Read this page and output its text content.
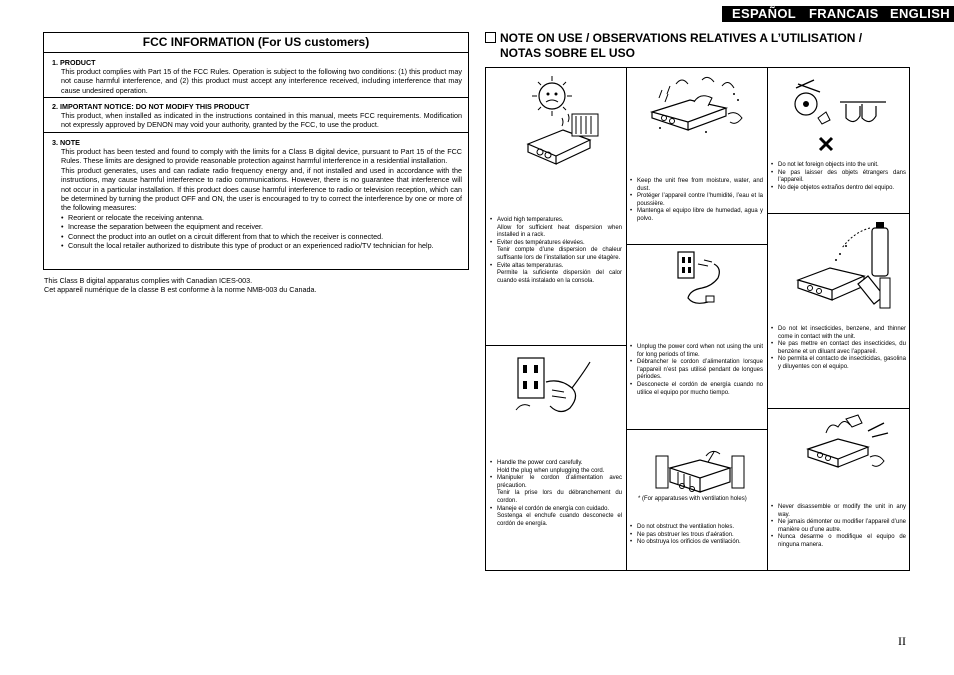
ESPAÑOL FRANCAIS ENGLISH
FCC INFORMATION (For US customers)
1. PRODUCT

This product complies with Part 15 of the FCC Rules. Operation is subject to the following two conditions: (1) this product may not cause harmful interference, and (2) this product must accept any interference received, including interference that may cause undesired operation.

2. IMPORTANT NOTICE: DO NOT MODIFY THIS PRODUCT

This product, when installed as indicated in the instructions contained in this manual, meets FCC requirements. Modification not expressly approved by DENON may void your authority, granted by the FCC, to use the product.

3. NOTE

This product has been tested and found to comply with the limits for a Class B digital device, pursuant to Part 15 of the FCC Rules. These limits are designed to provide reasonable protection against harmful interference in a residential installation.

This product generates, uses and can radiate radio frequency energy and, if not installed and used in accordance with the instructions, may cause harmful interference to radio communications. However, there is no guarantee that interference will not occur in a particular installation. If this product does cause harmful interference to radio or television reception, which can be determined by turning the product OFF and ON, the user is encouraged to try to correct the interference by one or more of the following measures:

• Reorient or relocate the receiving antenna.
• Increase the separation between the equipment and receiver.
• Connect the product into an outlet on a circuit different from that to which the receiver is connected.
• Consult the local retailer authorized to distribute this type of product or an experienced radio/TV technician for help.
This Class B digital apparatus complies with Canadian ICES-003.
Cet appareil numérique de la classe B est conforme à la norme NMB-003 du Canada.
NOTE ON USE / OBSERVATIONS RELATIVES A L’UTILISATION /
NOTAS SOBRE EL USO
• Avoid high temperatures.
Allow for sufficient heat dispersion when installed in a rack.
• Eviter des températures élevées.
Tenir compte d’une dispersion de chaleur suffisante lors de l’installation sur une étagère.
• Evite altas temperaturas.
Permite la suficiente dispersión del calor cuando está instalado en la consola.
• Handle the power cord carefully.
Hold the plug when unplugging the cord.
• Manipuler le cordon d’alimentation avec précaution.
Tenir la prise lors du débranchement du cordon.
• Maneje el cordón de energía con cuidado.
Sostenga el enchufe cuando desconecte el cordón de energía.
• Keep the unit free from moisture, water, and dust.
• Protéger l’appareil contre l’humidité, l’eau et la poussière.
• Mantenga el equipo libre de humedad, agua y polvo.
• Unplug the power cord when not using the unit for long periods of time.
• Débrancher le cordon d’alimentation lorsque l’appareil n’est pas utilisé pendant de longues périodes.
• Desconecte el cordón de energía cuando no utilice el equipo por mucho tiempo.
* (For apparatuses with ventilation holes)
• Do not obstruct the ventilation holes.
• Ne pas obstruer les trous d’aération.
• No obstruya los orificios de ventilación.
• Do not let foreign objects into the unit.
• Ne pas laisser des objets étrangers dans l’appareil.
• No deje objetos extraños dentro del equipo.
• Do not let insecticides, benzene, and thinner come in contact with the unit.
• Ne pas mettre en contact des insecticides, du benzène et un diluant avec l’appareil.
• No permita el contacto de insecticidas, gasolina y diluyentes con el equipo.
• Never disassemble or modify the unit in any way.
• Ne jamais démonter ou modifier l’appareil d’une manière ou d’une autre.
• Nunca desarme o modifique el equipo de ninguna manera.
II
